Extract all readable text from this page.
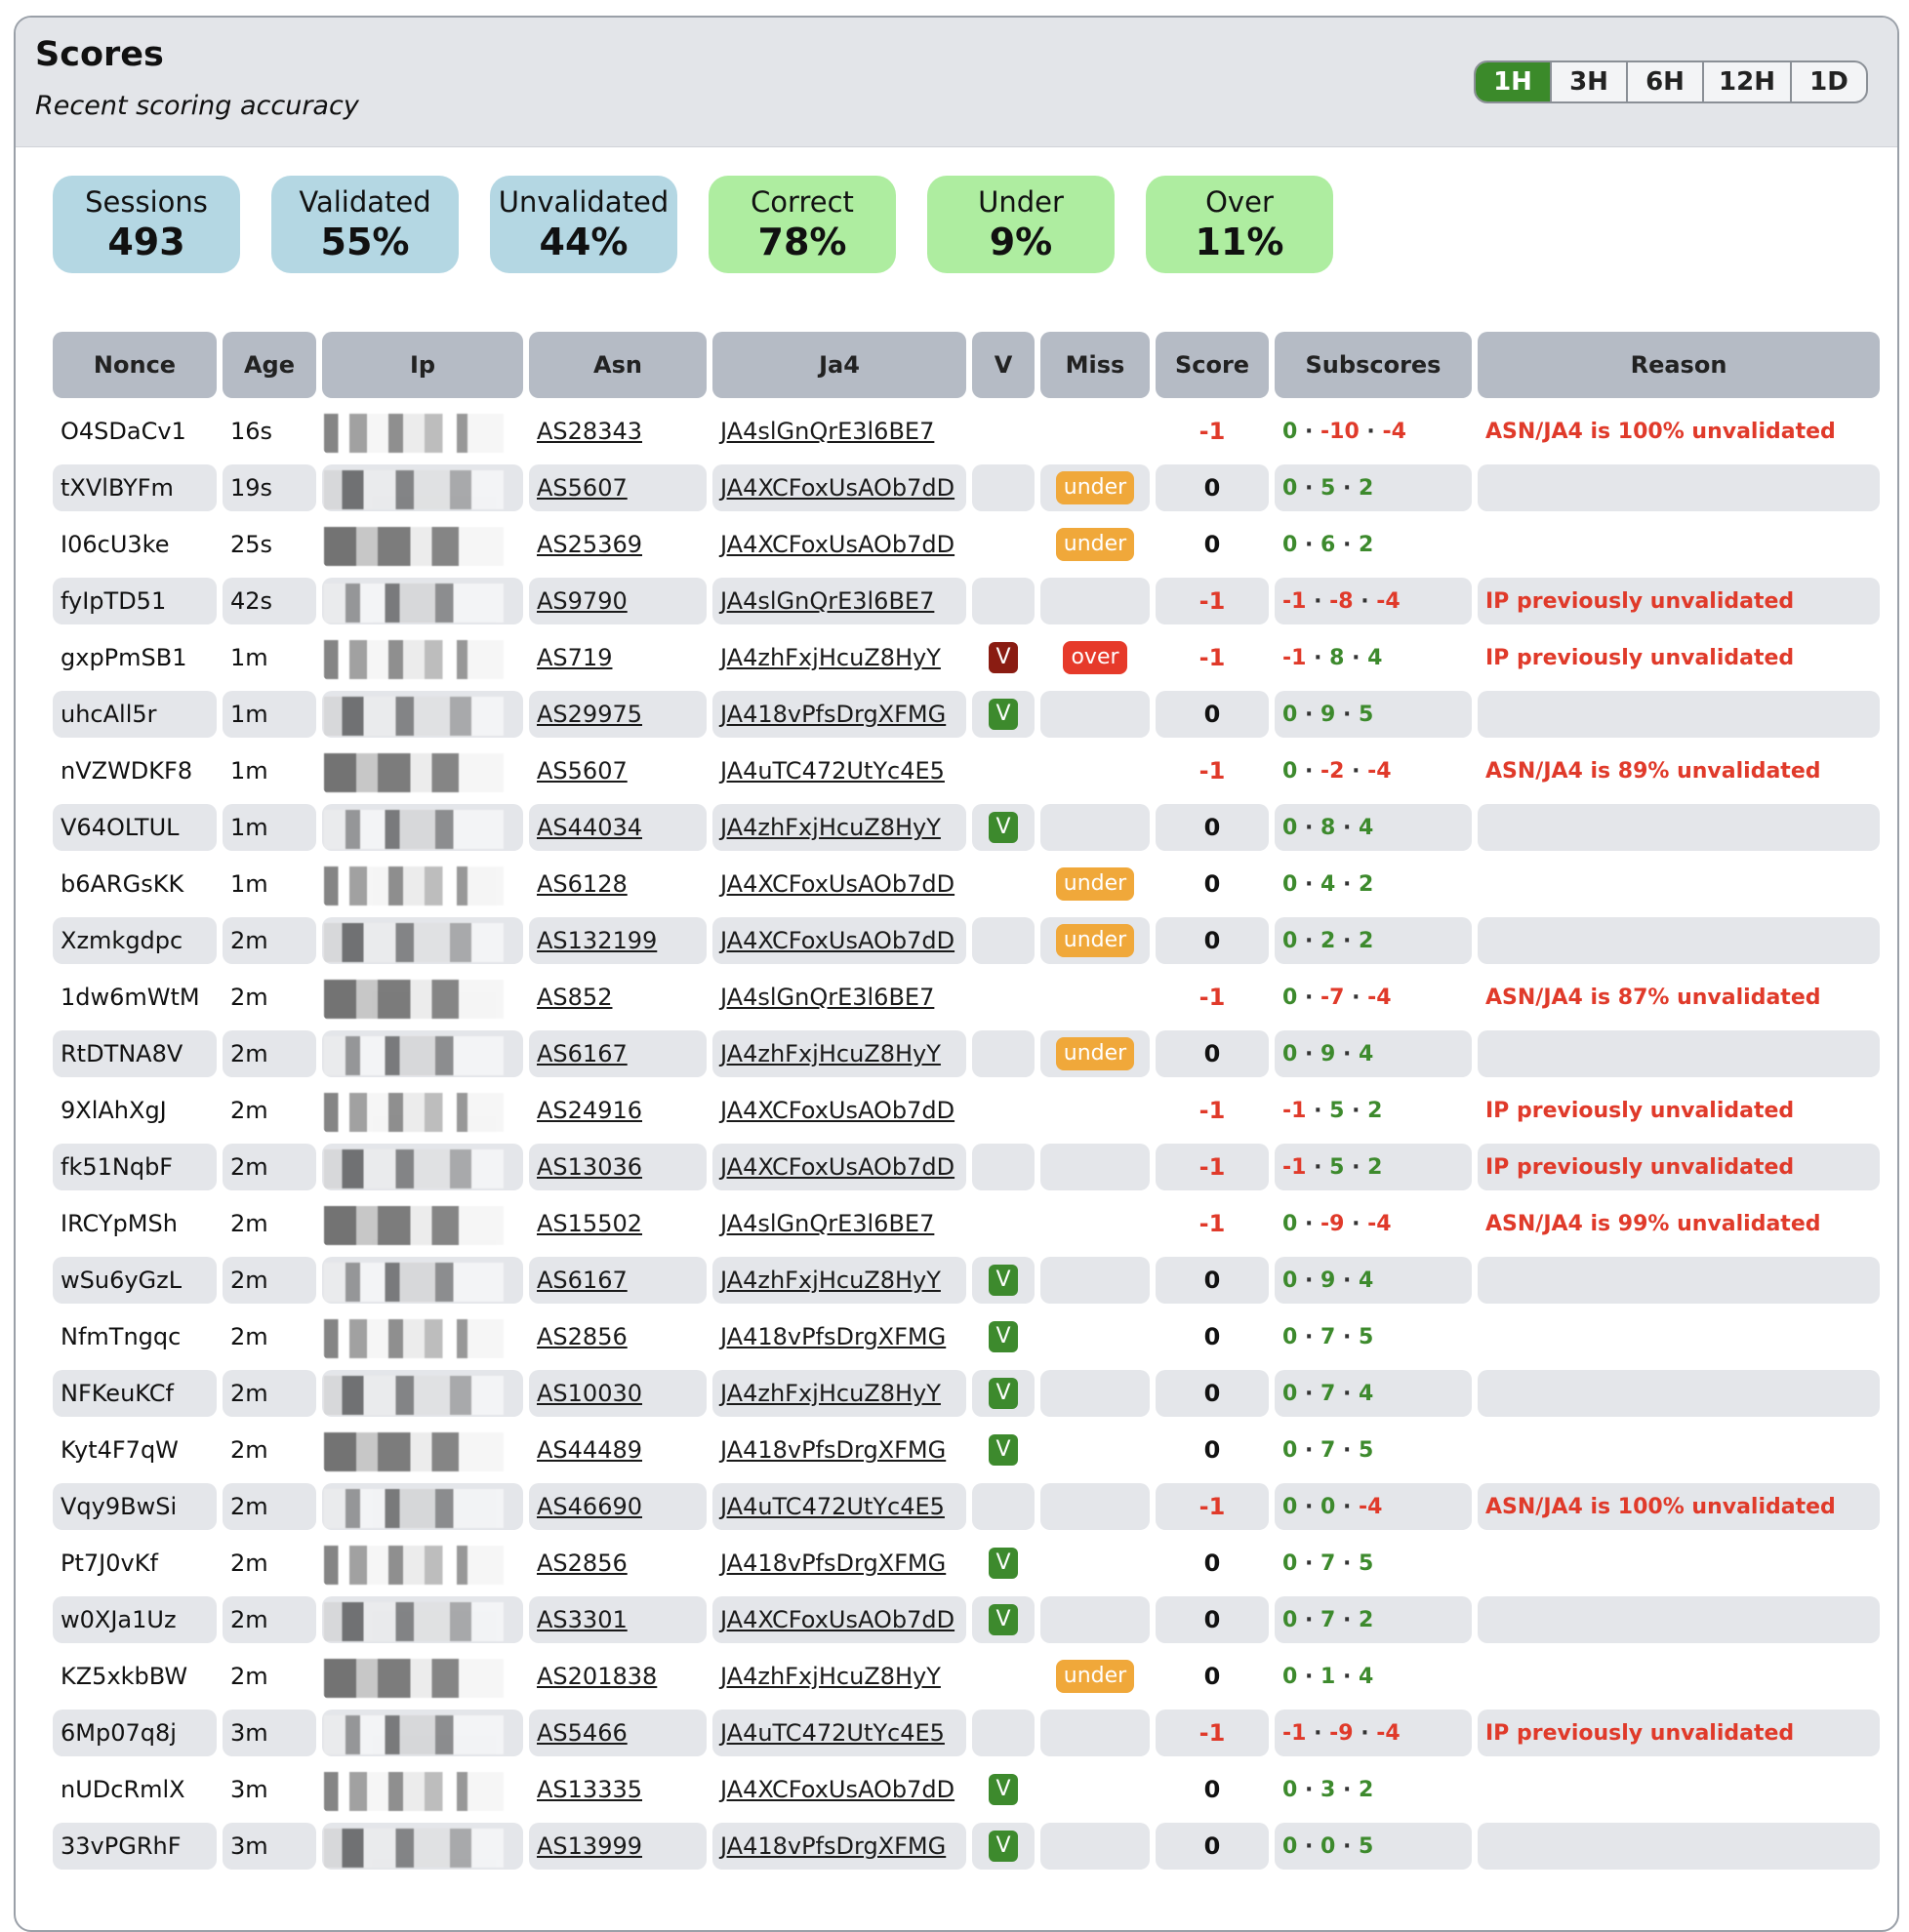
Scores
Recent scoring accuracy
1H	3H	6H	12H	1D
Sessions
493
Validated
55%
Unvalidated
44%
Correct
78%
Under
9%
Over
11%
Nonce	Age	Ip	Asn	Ja4	V	Miss	Score	Subscores	Reason
O4SDaCv1	16s		AS28343	JA4slGnQrE3l6BE7			-1	0 · -10 · -4	ASN/JA4 is 100% unvalidated
tXVlBYFm	19s		AS5607	JA4XCFoxUsAOb7dD		under	0	0 · 5 · 2	
I06cU3ke	25s		AS25369	JA4XCFoxUsAOb7dD		under	0	0 · 6 · 2	
fyIpTD51	42s		AS9790	JA4slGnQrE3l6BE7			-1	-1 · -8 · -4	IP previously unvalidated
gxpPmSB1	1m		AS719	JA4zhFxjHcuZ8HyY	V	over	-1	-1 · 8 · 4	IP previously unvalidated
uhcAll5r	1m		AS29975	JA418vPfsDrgXFMG	V		0	0 · 9 · 5	
nVZWDKF8	1m		AS5607	JA4uTC472UtYc4E5			-1	0 · -2 · -4	ASN/JA4 is 89% unvalidated
V64OLTUL	1m		AS44034	JA4zhFxjHcuZ8HyY	V		0	0 · 8 · 4	
b6ARGsKK	1m		AS6128	JA4XCFoxUsAOb7dD		under	0	0 · 4 · 2	
Xzmkgdpc	2m		AS132199	JA4XCFoxUsAOb7dD		under	0	0 · 2 · 2	
1dw6mWtM	2m		AS852	JA4slGnQrE3l6BE7			-1	0 · -7 · -4	ASN/JA4 is 87% unvalidated
RtDTNA8V	2m		AS6167	JA4zhFxjHcuZ8HyY		under	0	0 · 9 · 4	
9XlAhXgJ	2m		AS24916	JA4XCFoxUsAOb7dD			-1	-1 · 5 · 2	IP previously unvalidated
fk51NqbF	2m		AS13036	JA4XCFoxUsAOb7dD			-1	-1 · 5 · 2	IP previously unvalidated
IRCYpMSh	2m		AS15502	JA4slGnQrE3l6BE7			-1	0 · -9 · -4	ASN/JA4 is 99% unvalidated
wSu6yGzL	2m		AS6167	JA4zhFxjHcuZ8HyY	V		0	0 · 9 · 4	
NfmTngqc	2m		AS2856	JA418vPfsDrgXFMG	V		0	0 · 7 · 5	
NFKeuKCf	2m		AS10030	JA4zhFxjHcuZ8HyY	V		0	0 · 7 · 4	
Kyt4F7qW	2m		AS44489	JA418vPfsDrgXFMG	V		0	0 · 7 · 5	
Vqy9BwSi	2m		AS46690	JA4uTC472UtYc4E5			-1	0 · 0 · -4	ASN/JA4 is 100% unvalidated
Pt7J0vKf	2m		AS2856	JA418vPfsDrgXFMG	V		0	0 · 7 · 5	
w0XJa1Uz	2m		AS3301	JA4XCFoxUsAOb7dD	V		0	0 · 7 · 2	
KZ5xkbBW	2m		AS201838	JA4zhFxjHcuZ8HyY		under	0	0 · 1 · 4	
6Mp07q8j	3m		AS5466	JA4uTC472UtYc4E5			-1	-1 · -9 · -4	IP previously unvalidated
nUDcRmlX	3m		AS13335	JA4XCFoxUsAOb7dD	V		0	0 · 3 · 2	
33vPGRhF	3m		AS13999	JA418vPfsDrgXFMG	V		0	0 · 0 · 5	
